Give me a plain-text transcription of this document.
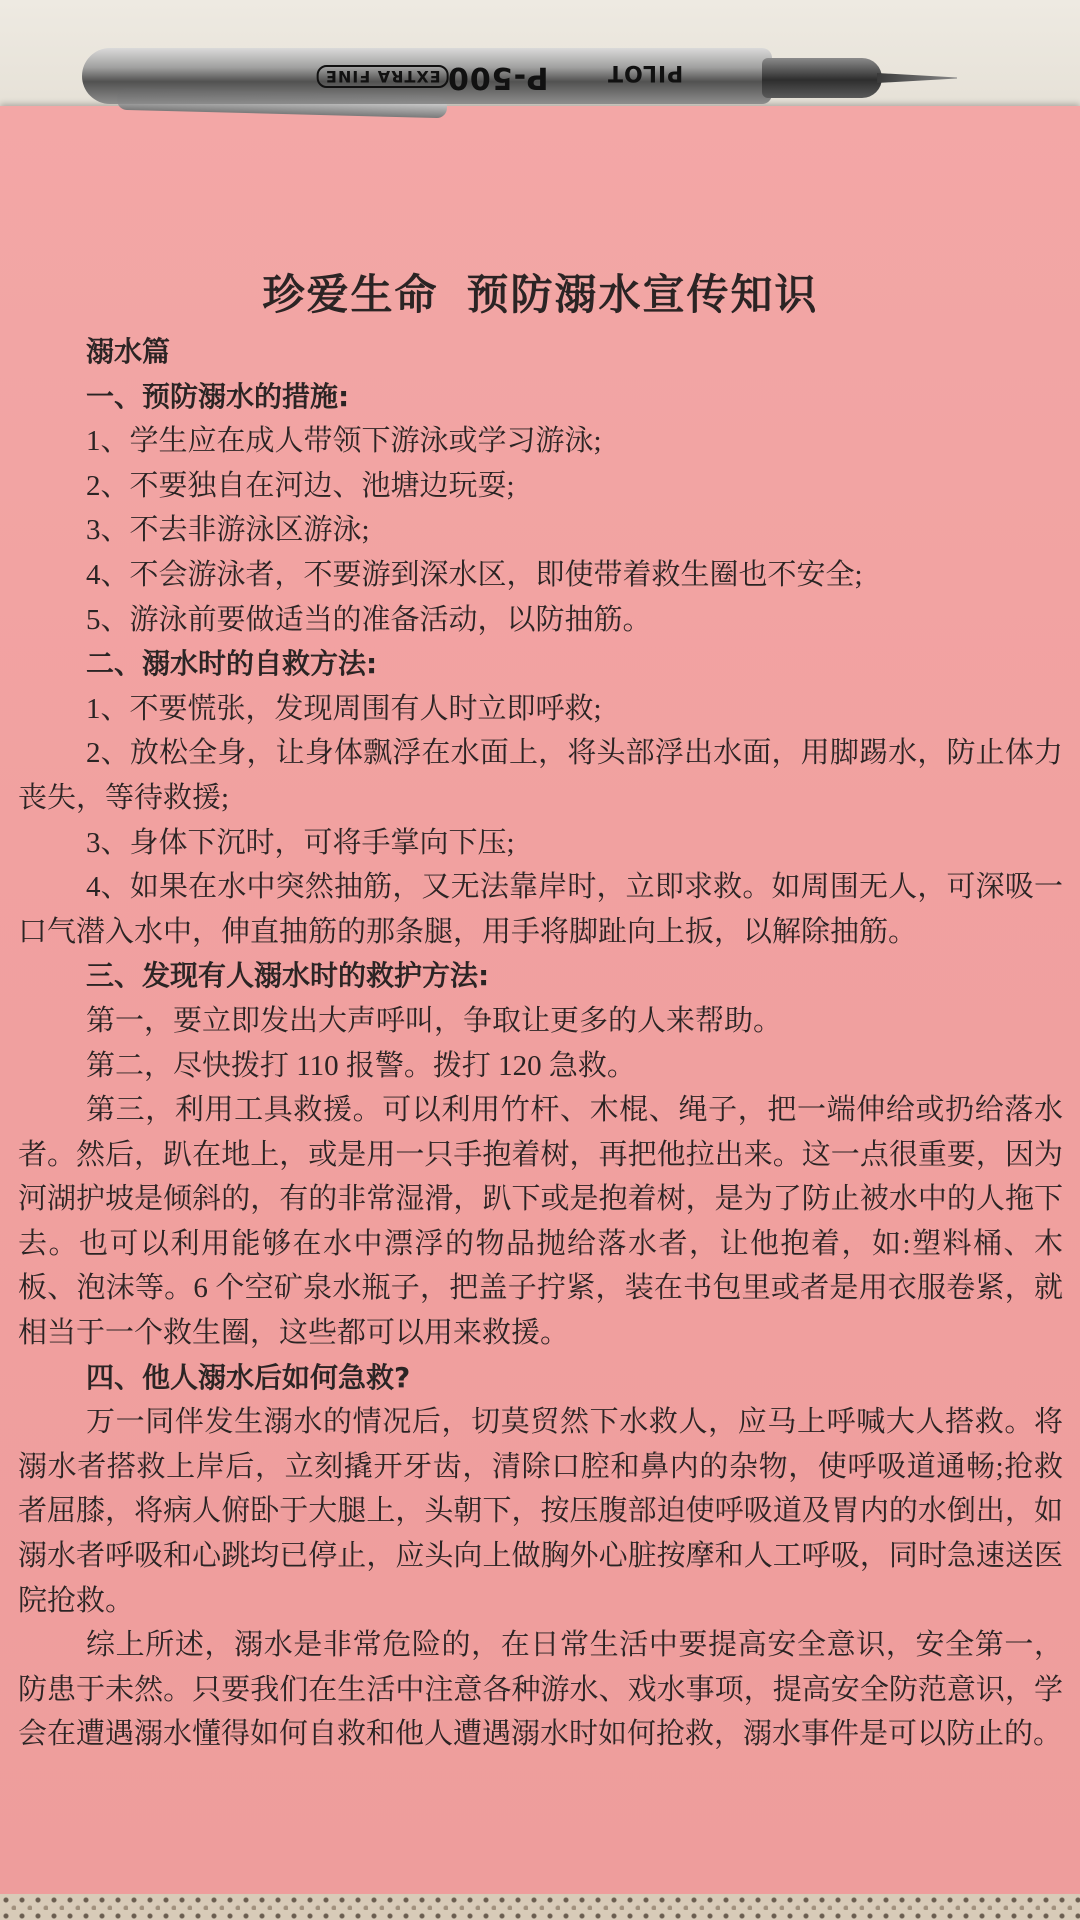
PILOT
P-500
EXTRA FINE
珍爱生命 预防溺水宣传知识

溺水篇

一、预防溺水的措施:

1、学生应在成人带领下游泳或学习游泳;

2、不要独自在河边、池塘边玩耍;

3、不去非游泳区游泳;

4、不会游泳者，不要游到深水区，即使带着救生圈也不安全;

5、游泳前要做适当的准备活动，以防抽筋。

二、溺水时的自救方法:

1、不要慌张，发现周围有人时立即呼救;

2、放松全身，让身体飘浮在水面上，将头部浮出水面，用脚踢水，防止体力丧失，等待救援;

3、身体下沉时，可将手掌向下压;

4、如果在水中突然抽筋，又无法靠岸时，立即求救。如周围无人，可深吸一口气潜入水中，伸直抽筋的那条腿，用手将脚趾向上扳，以解除抽筋。

三、发现有人溺水时的救护方法:

第一，要立即发出大声呼叫，争取让更多的人来帮助。

第二，尽快拨打 110 报警。拨打 120 急救。

第三，利用工具救援。可以利用竹杆、木棍、绳子，把一端伸给或扔给落水者。然后，趴在地上，或是用一只手抱着树，再把他拉出来。这一点很重要，因为河湖护坡是倾斜的，有的非常湿滑，趴下或是抱着树，是为了防止被水中的人拖下去。也可以利用能够在水中漂浮的物品抛给落水者，让他抱着，如:塑料桶、木板、泡沫等。6 个空矿泉水瓶子，把盖子拧紧，装在书包里或者是用衣服卷紧，就相当于一个救生圈，这些都可以用来救援。

四、他人溺水后如何急救?

万一同伴发生溺水的情况后，切莫贸然下水救人，应马上呼喊大人搭救。将溺水者搭救上岸后，立刻撬开牙齿，清除口腔和鼻内的杂物，使呼吸道通畅;抢救者屈膝，将病人俯卧于大腿上，头朝下，按压腹部迫使呼吸道及胃内的水倒出，如溺水者呼吸和心跳均已停止，应头向上做胸外心脏按摩和人工呼吸，同时急速送医院抢救。

综上所述，溺水是非常危险的，在日常生活中要提高安全意识，安全第一，防患于未然。只要我们在生活中注意各种游水、戏水事项，提高安全防范意识，学会在遭遇溺水懂得如何自救和他人遭遇溺水时如何抢救，溺水事件是可以防止的。
